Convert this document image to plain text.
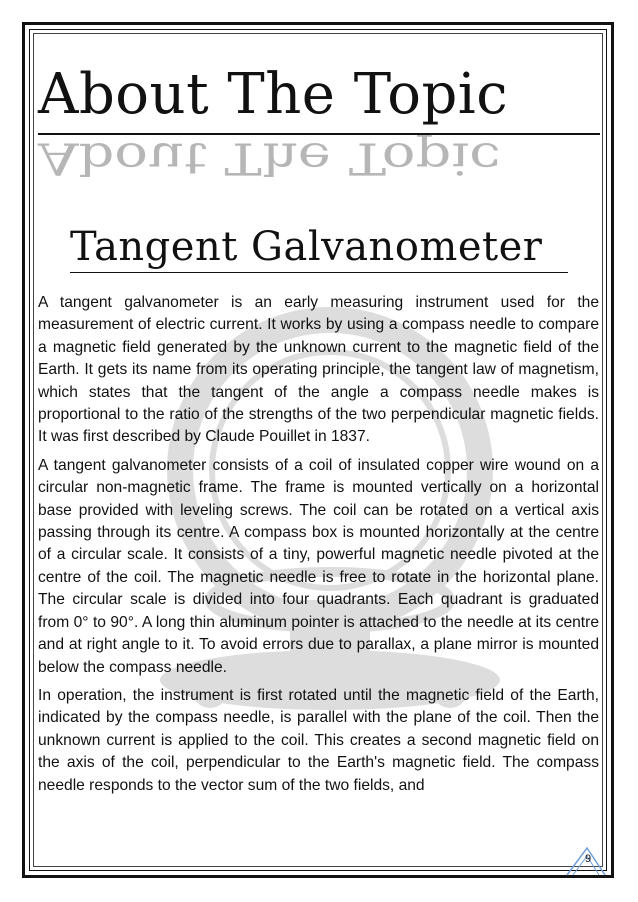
About The Topic
About The Topic
Tangent Galvanometer

A tangent galvanometer is an early measuring instrument used for the measurement of electric current. It works by using a compass needle to compare a magnetic field generated by the unknown current to the magnetic field of the Earth. It gets its name from its operating principle, the tangent law of magnetism, which states that the tangent of the angle a compass needle makes is proportional to the ratio of the strengths of the two perpendicular magnetic fields. It was first described by Claude Pouillet in 1837.

A tangent galvanometer consists of a coil of insulated copper wire wound on a circular non-magnetic frame. The frame is mounted vertically on a horizontal base provided with leveling screws. The coil can be rotated on a vertical axis passing through its centre. A compass box is mounted horizontally at the centre of a circular scale. It consists of a tiny, powerful magnetic needle pivoted at the centre of the coil. The magnetic needle is free to rotate in the horizontal plane. The circular scale is divided into four quadrants. Each quadrant is graduated from 0° to 90°. A long thin aluminum pointer is attached to the needle at its centre and at right angle to it. To avoid errors due to parallax, a plane mirror is mounted below the compass needle.

In operation, the instrument is first rotated until the magnetic field of the Earth, indicated by the compass needle, is parallel with the plane of the coil. Then the unknown current is applied to the coil. This creates a second magnetic field on the axis of the coil, perpendicular to the Earth's magnetic field. The compass needle responds to the vector sum of the two fields, and

9
